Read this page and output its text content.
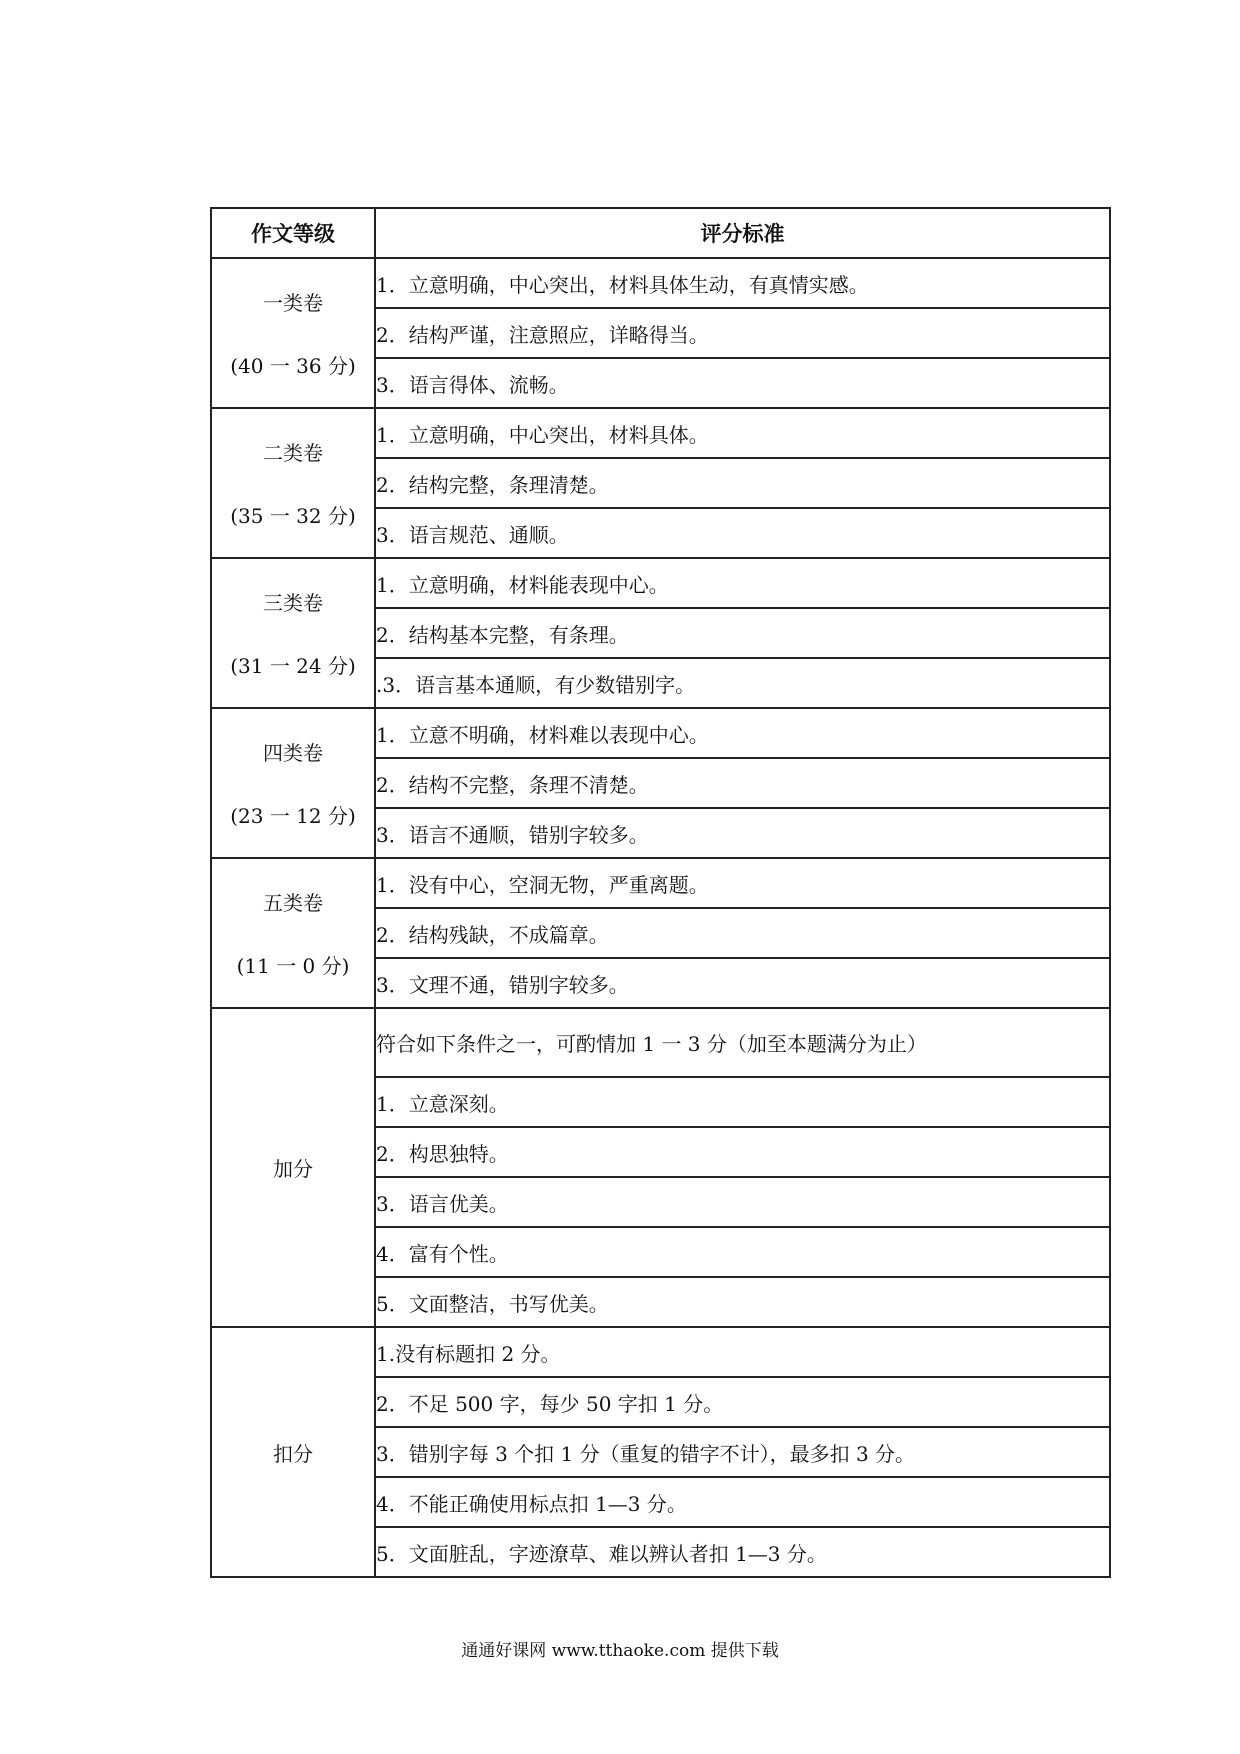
作文等级	评分标准

一类卷
(40 一 36 分)	1．立意明确，中心突出，材料具体生动，有真情实感。
	2．结构严谨，注意照应，详略得当。
	3．语言得体、流畅。

二类卷
(35 一 32 分)	1．立意明确，中心突出，材料具体。
	2．结构完整，条理清楚。
	3．语言规范、通顺。

三类卷
(31 一 24 分)	1．立意明确，材料能表现中心。
	2．结构基本完整，有条理。
	.3．语言基本通顺，有少数错别字。

四类卷
(23 一 12 分)	1．立意不明确，材料难以表现中心。
	2．结构不完整，条理不清楚。
	3．语言不通顺，错别字较多。

五类卷
(11 一 0 分)	1．没有中心，空洞无物，严重离题。
	2．结构残缺，不成篇章。
	3．文理不通，错别字较多。

加分	符合如下条件之一，可酌情加 1 一 3 分（加至本题满分为止）
	1．立意深刻。
	2．构思独特。
	3．语言优美。
	4．富有个性。
	5．文面整洁，书写优美。

扣分	1.没有标题扣 2 分。
	2．不足 500 字，每少 50 字扣 1 分。
	3．错别字每 3 个扣 1 分（重复的错字不计），最多扣 3 分。
	4．不能正确使用标点扣 1—3 分。
	5．文面脏乱，字迹潦草、难以辨认者扣 1—3 分。
通通好课网 www.tthaoke.com 提供下载
